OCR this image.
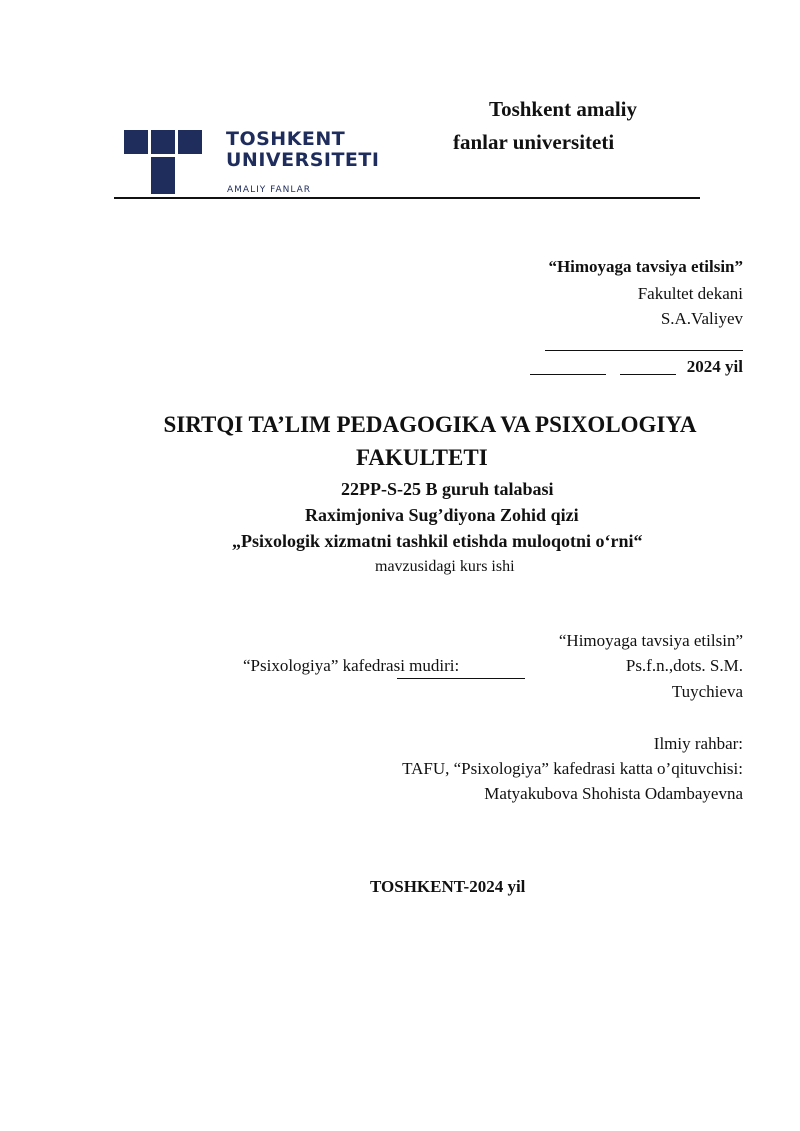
TOSHKENT
UNIVERSITETI
AMALIY FANLAR
Toshkent amaliy
fanlar universiteti
“Himoyaga tavsiya etilsin”
Fakultet dekani
S.A.Valiyev
2024 yil
SIRTQI TA’LIM PEDAGOGIKA VA PSIXOLOGIYA
FAKULTETI
22PP-S-25 B guruh talabasi
Raximjoniva Sug’diyona Zohid qizi
„Psixologik xizmatni tashkil etishda muloqotni o‘rni“
mavzusidagi kurs ishi
“Himoyaga tavsiya etilsin”
“Psixologiya” kafedrasi mudiri:	Ps.f.n.,dots. S.M.
Tuychieva
Ilmiy rahbar:
TAFU, “Psixologiya” kafedrasi katta o’qituvchisi:
Matyakubova Shohista Odambayevna
TOSHKENT-2024 yil
